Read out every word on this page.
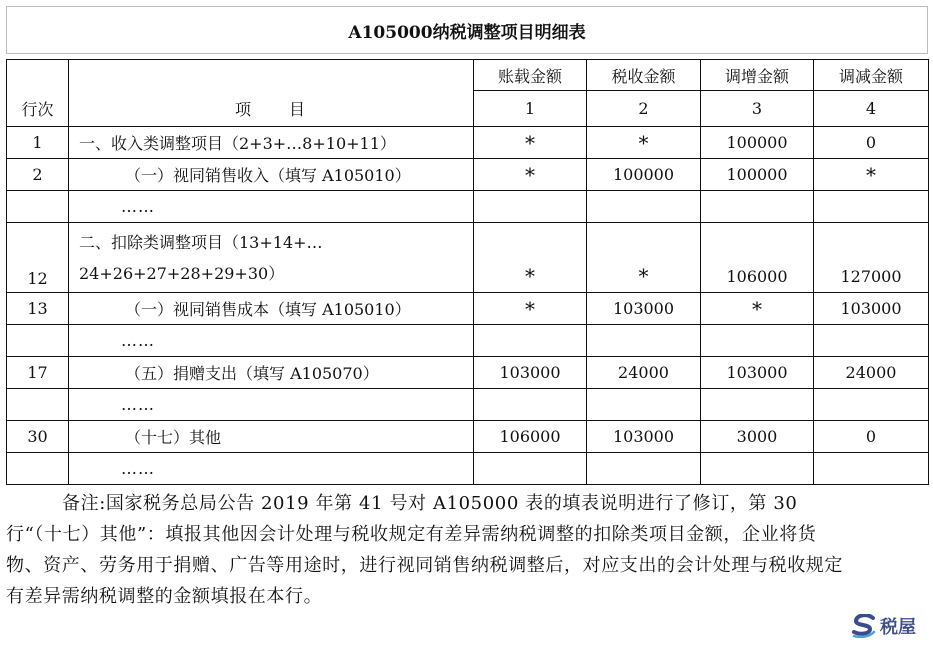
A105000纳税调整项目明细表
行次	项　　目	账载金额	税收金额	调增金额	调减金额
		1	2	3	4
1	一、收入类调整项目（2+3+…8+10+11）	*	*	100000	0
2	（一）视同销售收入（填写 A105010）	*	100000	100000	*
	……				
12	二、扣除类调整项目（13+14+…
24+26+27+28+29+30）	*	*	106000	127000
13	（一）视同销售成本（填写 A105010）	*	103000	*	103000
	……				
17	（五）捐赠支出（填写 A105070）	103000	24000	103000	24000
	……				
30	（十七）其他	106000	103000	3000	0
	……				

备注:国家税务总局公告 2019 年第 41 号对 A105000 表的填表说明进行了修订，第 30 行“（十七）其他”：填报其他因会计处理与税收规定有差异需纳税调整的扣除类项目金额，企业将货物、资产、劳务用于捐赠、广告等用途时，进行视同销售纳税调整后，对应支出的会计处理与税收规定有差异需纳税调整的金额填报在本行。

税屋
